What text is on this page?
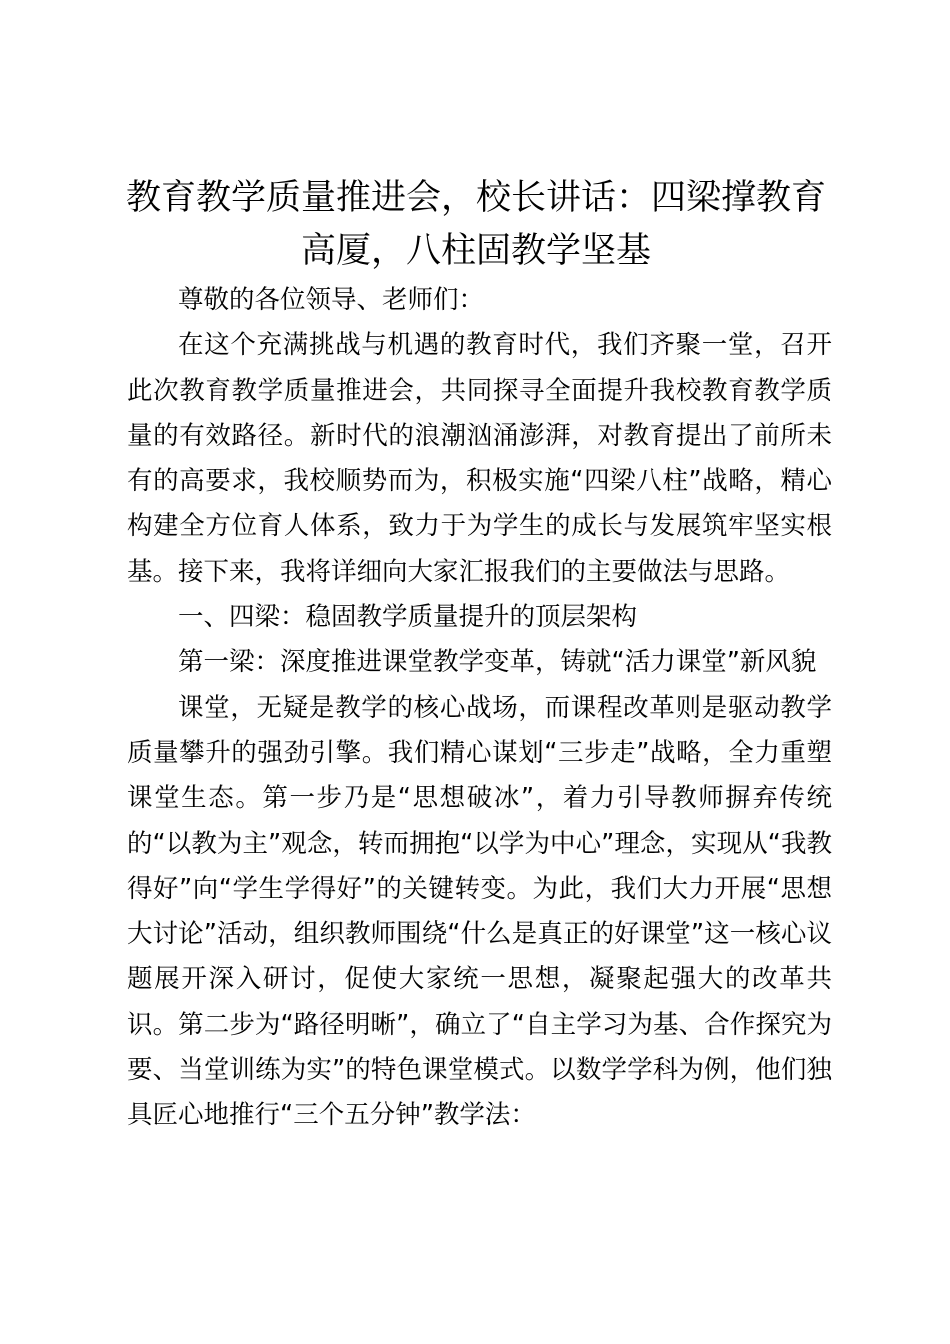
教育教学质量推进会，校长讲话：四梁撑教育高厦，八柱固教学坚基

尊敬的各位领导、老师们：

在这个充满挑战与机遇的教育时代，我们齐聚一堂，召开此次教育教学质量推进会，共同探寻全面提升我校教育教学质量的有效路径。新时代的浪潮汹涌澎湃，对教育提出了前所未有的高要求，我校顺势而为，积极实施“四梁八柱”战略，精心构建全方位育人体系，致力于为学生的成长与发展筑牢坚实根基。接下来，我将详细向大家汇报我们的主要做法与思路。

一、四梁：稳固教学质量提升的顶层架构

第一梁：深度推进课堂教学变革，铸就“活力课堂”新风貌

课堂，无疑是教学的核心战场，而课程改革则是驱动教学质量攀升的强劲引擎。我们精心谋划“三步走”战略，全力重塑课堂生态。第一步乃是“思想破冰”，着力引导教师摒弃传统的“以教为主”观念，转而拥抱“以学为中心”理念，实现从“我教得好”向“学生学得好”的关键转变。为此，我们大力开展“思想大讨论”活动，组织教师围绕“什么是真正的好课堂”这一核心议题展开深入研讨，促使大家统一思想，凝聚起强大的改革共识。第二步为“路径明晰”，确立了“自主学习为基、合作探究为要、当堂训练为实”的特色课堂模式。以数学学科为例，他们独具匠心地推行“三个五分钟”教学法：
